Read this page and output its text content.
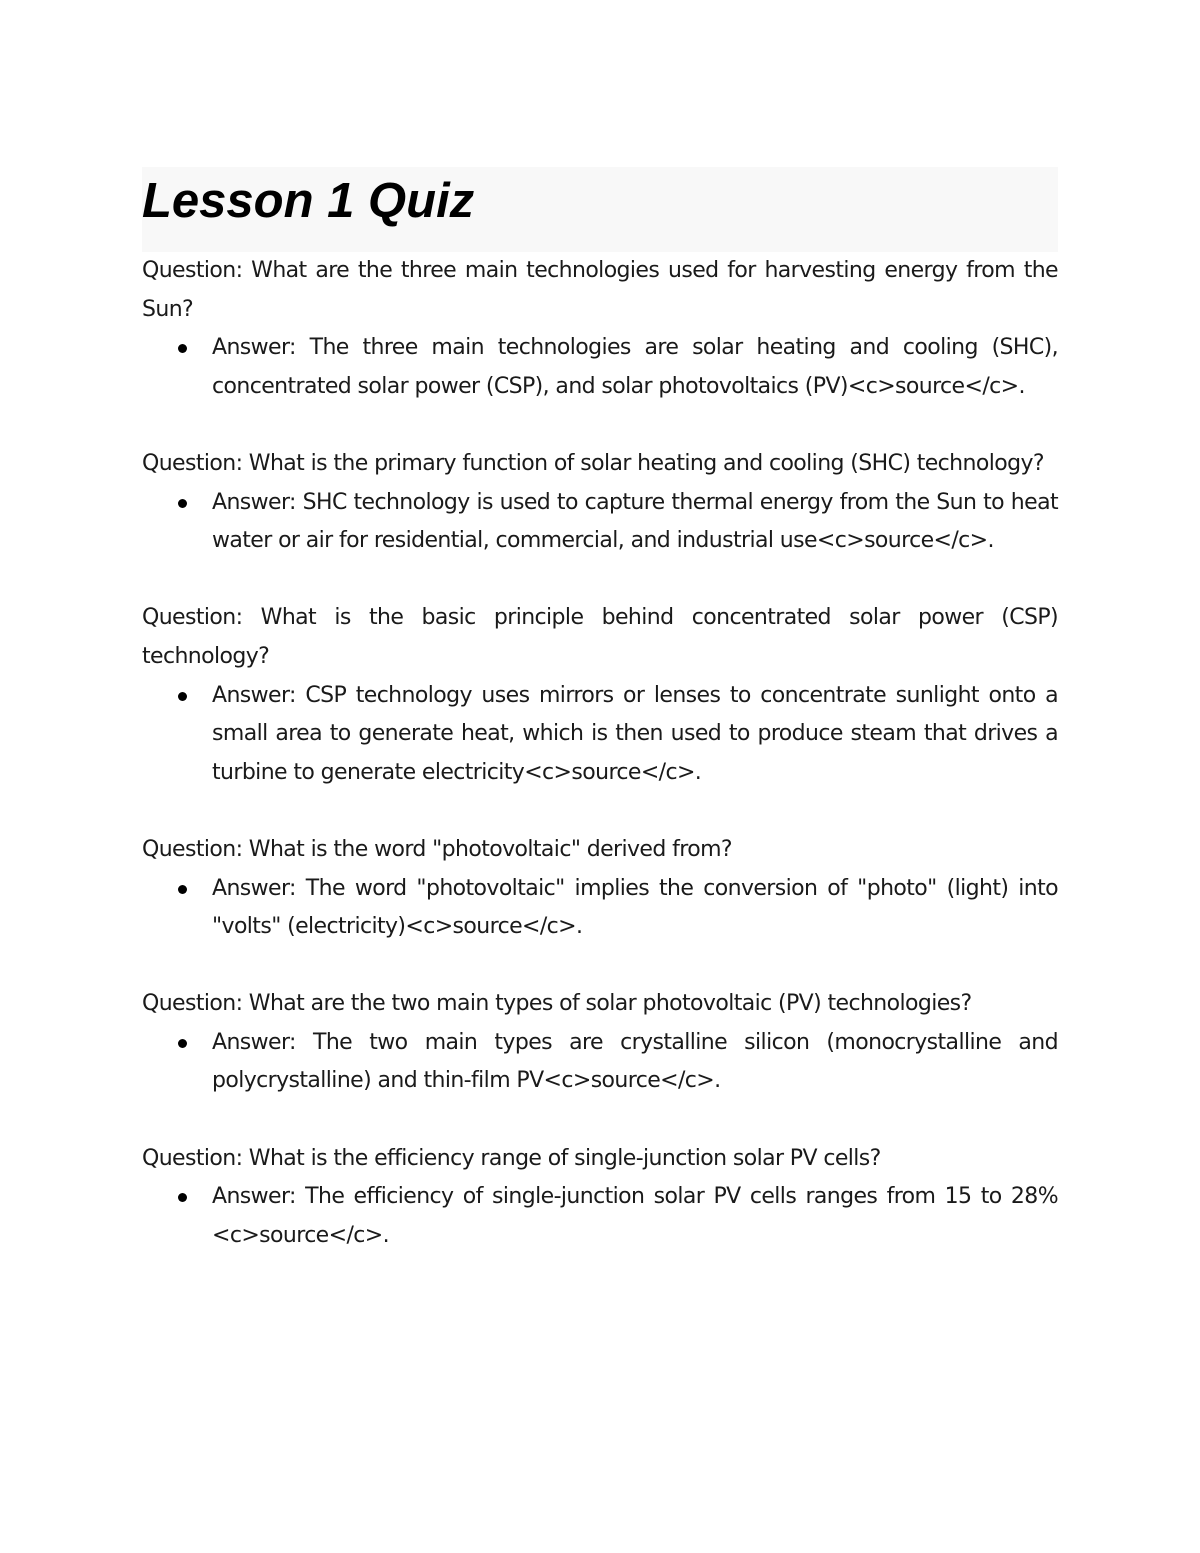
Lesson 1 Quiz

Question: What are the three main technologies used for harvesting energy from the Sun?

Answer: The three main technologies are solar heating and cooling (SHC), concentrated solar power (CSP), and solar photovoltaics (PV)<c>source</c>.

Question: What is the primary function of solar heating and cooling (SHC) technology?

Answer: SHC technology is used to capture thermal energy from the Sun to heat water or air for residential, commercial, and industrial use<c>source</c>.

Question: What is the basic principle behind concentrated solar power (CSP) technology?

Answer: CSP technology uses mirrors or lenses to concentrate sunlight onto a small area to generate heat, which is then used to produce steam that drives a turbine to generate electricity<c>source</c>.

Question: What is the word "photovoltaic" derived from?

Answer: The word "photovoltaic" implies the conversion of "photo" (light) into "volts" (electricity)<c>source</c>.

Question: What are the two main types of solar photovoltaic (PV) technologies?

Answer: The two main types are crystalline silicon (monocrystalline and polycrystalline) and thin-film PV<c>source</c>.

Question: What is the efficiency range of single-junction solar PV cells?

Answer: The efficiency of single-junction solar PV cells ranges from 15 to 28%<c>source</c>.
